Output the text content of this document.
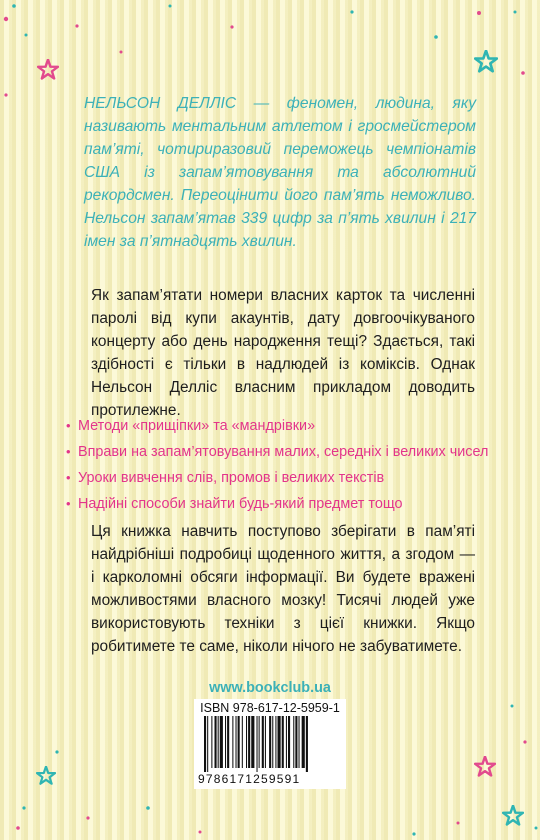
НЕЛЬСОН ДЕЛЛІС — феномен, людина, яку називають ментальним атлетом і гросмейстером пам’яті, чотириразовий переможець чемпіонатів США із запам’ятовування та абсолютний рекордсмен. Переоцінити його пам’ять неможливо. Нельсон запам’ятав 339 цифр за п’ять хвилин і 217 імен за п’ятнадцять хвилин.

Як запам’ятати номери власних карток та численні паролі від купи акаунтів, дату довгоочікуваного концерту або день народження тещі? Здається, такі здібності є тільки в надлюдей із коміксів. Однак Нельсон Делліс власним прикладом доводить протилежне.

• Методи «прищіпки» та «мандрівки»
• Вправи на запам’ятовування малих, середніх і великих чисел
• Уроки вивчення слів, промов і великих текстів
• Надійні способи знайти будь-який предмет тощо

Ця книжка навчить поступово зберігати в пам’яті найдрібніші подробиці щоденного життя, а згодом — і карколомні обсяги інформації. Ви будете вражені можливостями власного мозку! Тисячі людей уже використовують техніки з цієї книжки. Якщо робитимете те саме, ніколи нічого не забуватимете.

www.bookclub.ua
ISBN 978-617-12-5959-1
9786171259591
